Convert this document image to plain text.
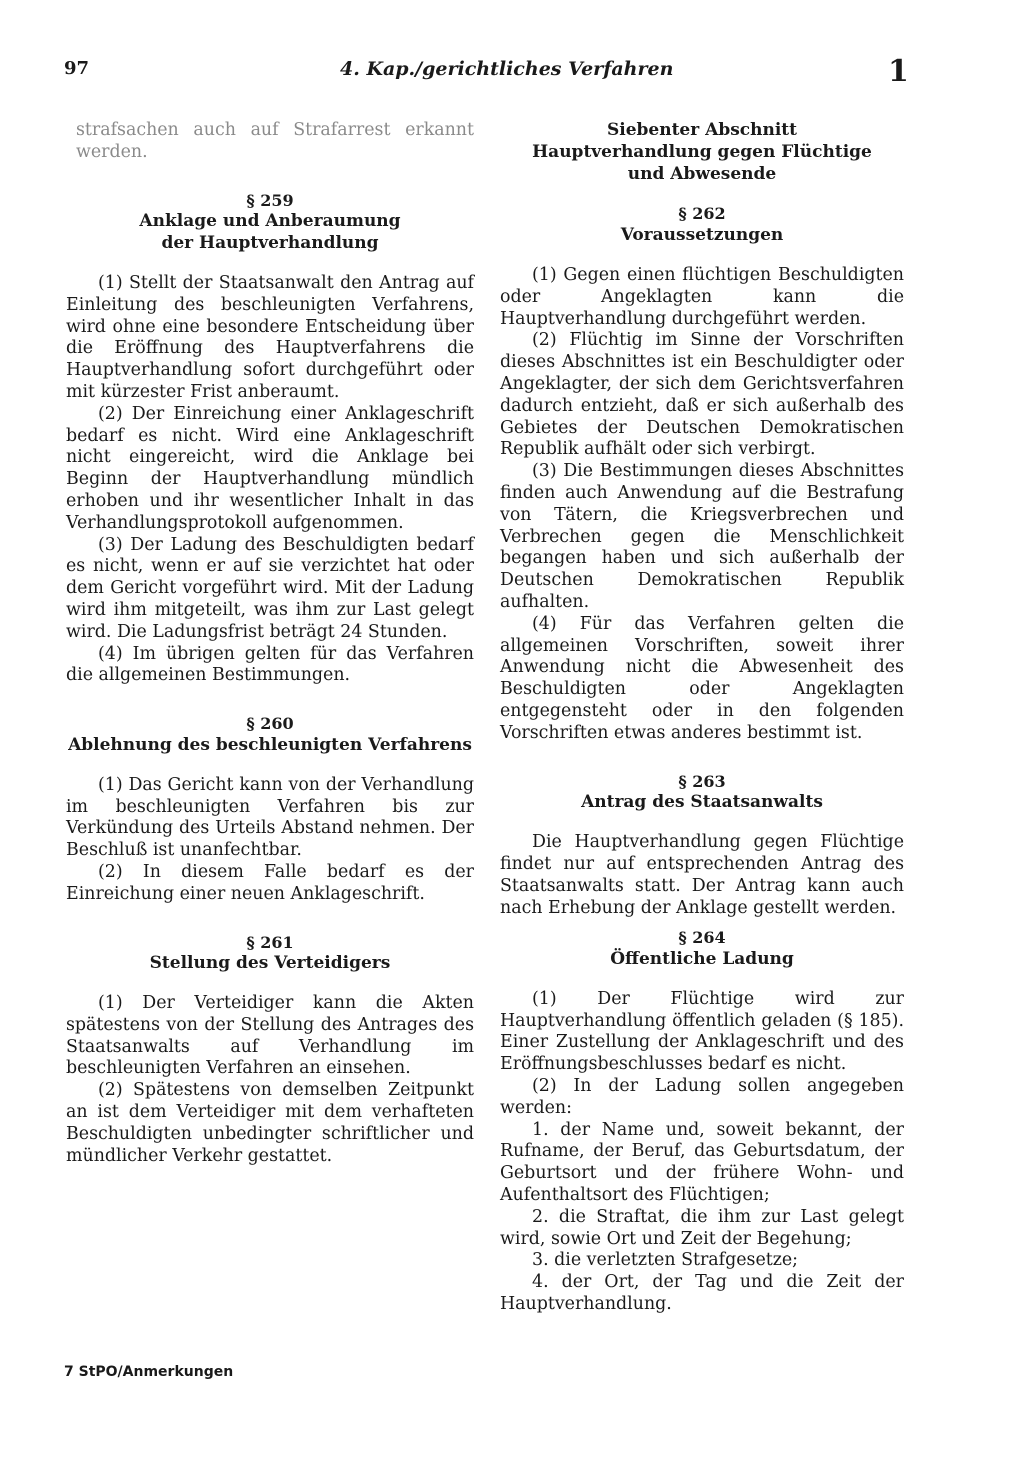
97	4. Kap./gerichtliches Verfahren	1

strafsachen auch auf Strafarrest erkannt werden.

§ 259
Anklage und Anberaumung
der Hauptverhandlung

(1) Stellt der Staatsanwalt den Antrag auf Einleitung des beschleunigten Verfahrens, wird ohne eine besondere Entscheidung über die Eröffnung des Hauptverfahrens die Hauptverhandlung sofort durchgeführt oder mit kürzester Frist anberaumt.

(2) Der Einreichung einer Anklageschrift bedarf es nicht. Wird eine Anklageschrift nicht eingereicht, wird die Anklage bei Beginn der Hauptverhandlung mündlich erhoben und ihr wesentlicher Inhalt in das Verhandlungsprotokoll aufgenommen.

(3) Der Ladung des Beschuldigten bedarf es nicht, wenn er auf sie verzichtet hat oder dem Gericht vorgeführt wird. Mit der Ladung wird ihm mitgeteilt, was ihm zur Last gelegt wird. Die Ladungsfrist beträgt 24 Stunden.

(4) Im übrigen gelten für das Verfahren die allgemeinen Bestimmungen.

§ 260
Ablehnung des beschleunigten Verfahrens

(1) Das Gericht kann von der Verhandlung im beschleunigten Verfahren bis zur Verkündung des Urteils Abstand nehmen. Der Beschluß ist unanfechtbar.

(2) In diesem Falle bedarf es der Einreichung einer neuen Anklageschrift.

§ 261
Stellung des Verteidigers

(1) Der Verteidiger kann die Akten spätestens von der Stellung des Antrages des Staatsanwalts auf Verhandlung im beschleunigten Verfahren an einsehen.

(2) Spätestens von demselben Zeitpunkt an ist dem Verteidiger mit dem verhafteten Beschuldigten unbedingter schriftlicher und mündlicher Verkehr gestattet.

Siebenter Abschnitt
Hauptverhandlung gegen Flüchtige
und Abwesende
§ 262
Voraussetzungen

(1) Gegen einen flüchtigen Beschuldigten oder Angeklagten kann die Hauptverhandlung durchgeführt werden.

(2) Flüchtig im Sinne der Vorschriften dieses Abschnittes ist ein Beschuldigter oder Angeklagter, der sich dem Gerichtsverfahren dadurch entzieht, daß er sich außerhalb des Gebietes der Deutschen Demokratischen Republik aufhält oder sich verbirgt.

(3) Die Bestimmungen dieses Abschnittes finden auch Anwendung auf die Bestrafung von Tätern, die Kriegsverbrechen und Verbrechen gegen die Menschlichkeit begangen haben und sich außerhalb der Deutschen Demokratischen Republik aufhalten.

(4) Für das Verfahren gelten die allgemeinen Vorschriften, soweit ihrer Anwendung nicht die Abwesenheit des Beschuldigten oder Angeklagten entgegensteht oder in den folgenden Vorschriften etwas anderes bestimmt ist.

§ 263
Antrag des Staatsanwalts

Die Hauptverhandlung gegen Flüchtige findet nur auf entsprechenden Antrag des Staatsanwalts statt. Der Antrag kann auch nach Erhebung der Anklage gestellt werden.

§ 264
Öffentliche Ladung

(1) Der Flüchtige wird zur Hauptverhandlung öffentlich geladen (§ 185). Einer Zustellung der Anklageschrift und des Eröffnungsbeschlusses bedarf es nicht.

(2) In der Ladung sollen angegeben werden:

1. der Name und, soweit bekannt, der Rufname, der Beruf, das Geburtsdatum, der Geburtsort und der frühere Wohn- und Aufenthaltsort des Flüchtigen;

2. die Straftat, die ihm zur Last gelegt wird, sowie Ort und Zeit der Begehung;

3. die verletzten Strafgesetze;

4. der Ort, der Tag und die Zeit der Hauptverhandlung.

7 StPO/Anmerkungen
